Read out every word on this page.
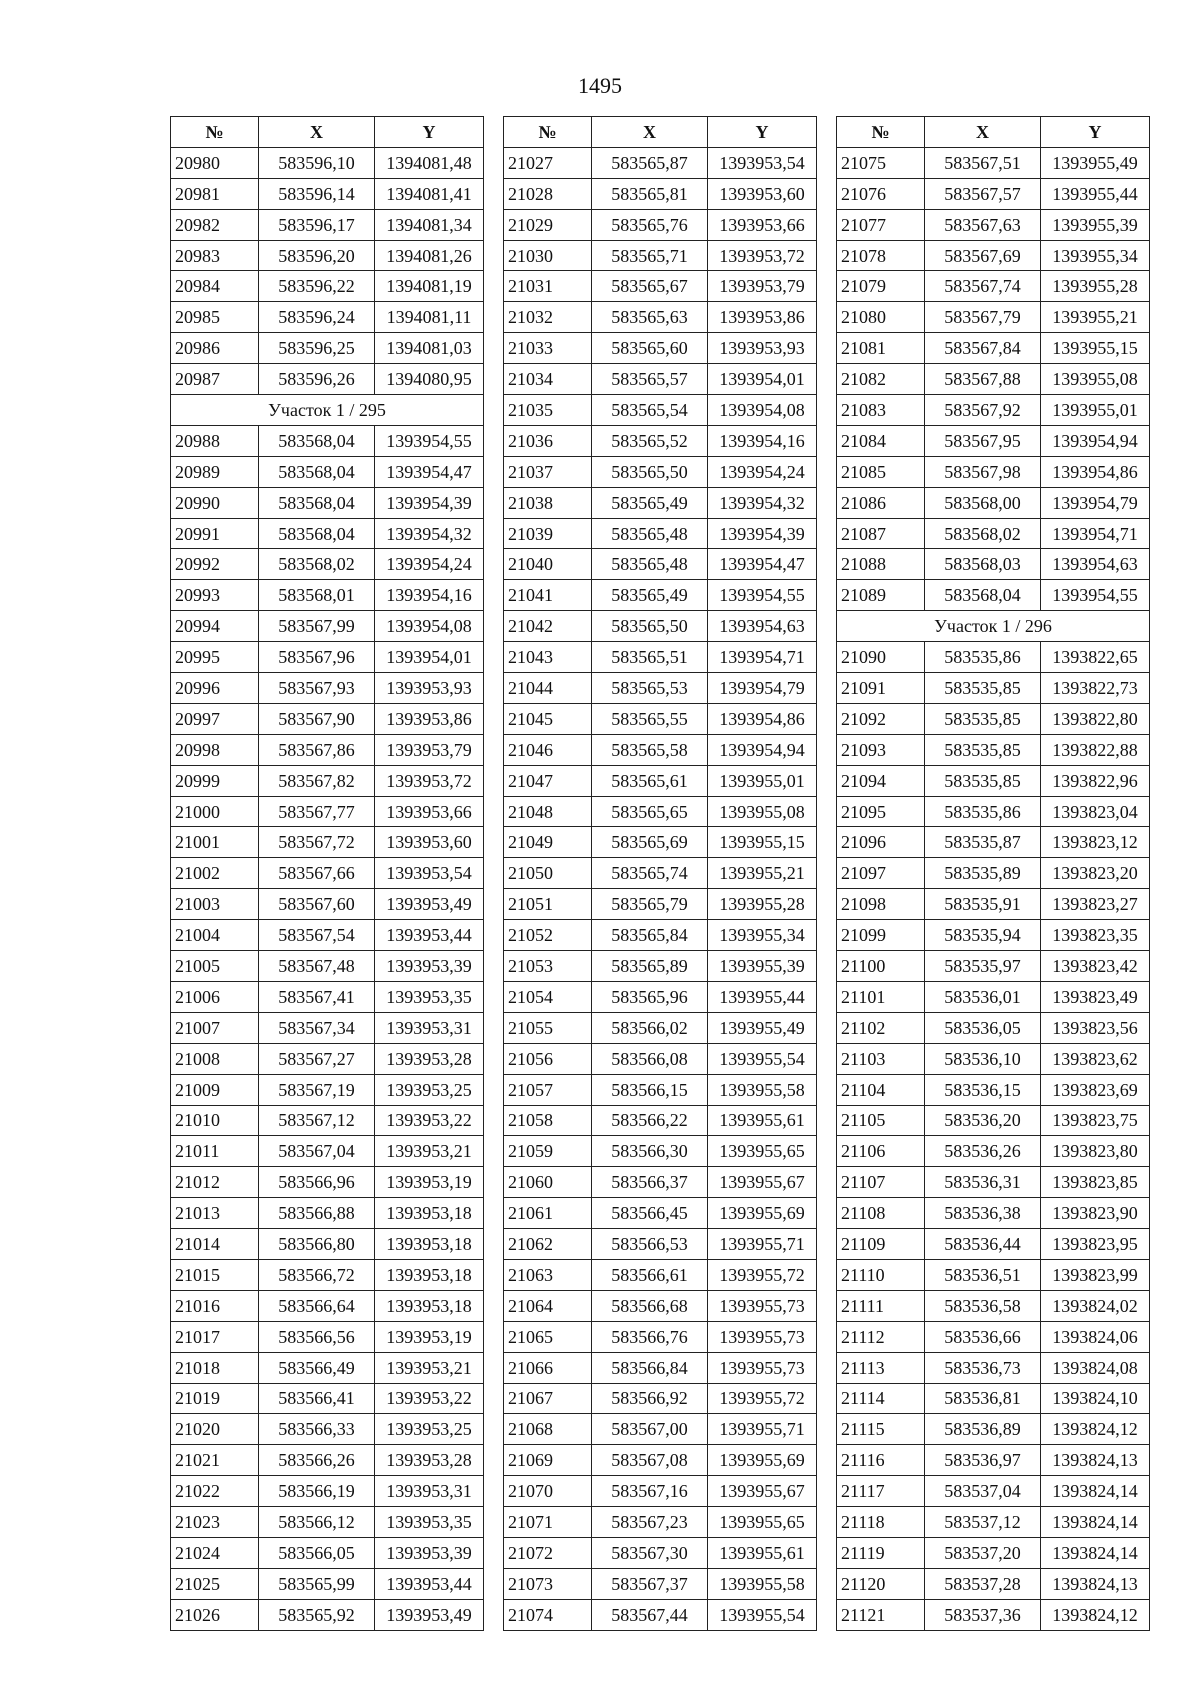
1495
№	X	Y
20980	583596,10	1394081,48
20981	583596,14	1394081,41
20982	583596,17	1394081,34
20983	583596,20	1394081,26
20984	583596,22	1394081,19
20985	583596,24	1394081,11
20986	583596,25	1394081,03
20987	583596,26	1394080,95
Участок 1 / 295		
20988	583568,04	1393954,55
20989	583568,04	1393954,47
20990	583568,04	1393954,39
20991	583568,04	1393954,32
20992	583568,02	1393954,24
20993	583568,01	1393954,16
20994	583567,99	1393954,08
20995	583567,96	1393954,01
20996	583567,93	1393953,93
20997	583567,90	1393953,86
20998	583567,86	1393953,79
20999	583567,82	1393953,72
21000	583567,77	1393953,66
21001	583567,72	1393953,60
21002	583567,66	1393953,54
21003	583567,60	1393953,49
21004	583567,54	1393953,44
21005	583567,48	1393953,39
21006	583567,41	1393953,35
21007	583567,34	1393953,31
21008	583567,27	1393953,28
21009	583567,19	1393953,25
21010	583567,12	1393953,22
21011	583567,04	1393953,21
21012	583566,96	1393953,19
21013	583566,88	1393953,18
21014	583566,80	1393953,18
21015	583566,72	1393953,18
21016	583566,64	1393953,18
21017	583566,56	1393953,19
21018	583566,49	1393953,21
21019	583566,41	1393953,22
21020	583566,33	1393953,25
21021	583566,26	1393953,28
21022	583566,19	1393953,31
21023	583566,12	1393953,35
21024	583566,05	1393953,39
21025	583565,99	1393953,44
21026	583565,92	1393953,49
№	X	Y
21027	583565,87	1393953,54
21028	583565,81	1393953,60
21029	583565,76	1393953,66
21030	583565,71	1393953,72
21031	583565,67	1393953,79
21032	583565,63	1393953,86
21033	583565,60	1393953,93
21034	583565,57	1393954,01
21035	583565,54	1393954,08
21036	583565,52	1393954,16
21037	583565,50	1393954,24
21038	583565,49	1393954,32
21039	583565,48	1393954,39
21040	583565,48	1393954,47
21041	583565,49	1393954,55
21042	583565,50	1393954,63
21043	583565,51	1393954,71
21044	583565,53	1393954,79
21045	583565,55	1393954,86
21046	583565,58	1393954,94
21047	583565,61	1393955,01
21048	583565,65	1393955,08
21049	583565,69	1393955,15
21050	583565,74	1393955,21
21051	583565,79	1393955,28
21052	583565,84	1393955,34
21053	583565,89	1393955,39
21054	583565,96	1393955,44
21055	583566,02	1393955,49
21056	583566,08	1393955,54
21057	583566,15	1393955,58
21058	583566,22	1393955,61
21059	583566,30	1393955,65
21060	583566,37	1393955,67
21061	583566,45	1393955,69
21062	583566,53	1393955,71
21063	583566,61	1393955,72
21064	583566,68	1393955,73
21065	583566,76	1393955,73
21066	583566,84	1393955,73
21067	583566,92	1393955,72
21068	583567,00	1393955,71
21069	583567,08	1393955,69
21070	583567,16	1393955,67
21071	583567,23	1393955,65
21072	583567,30	1393955,61
21073	583567,37	1393955,58
21074	583567,44	1393955,54
№	X	Y
21075	583567,51	1393955,49
21076	583567,57	1393955,44
21077	583567,63	1393955,39
21078	583567,69	1393955,34
21079	583567,74	1393955,28
21080	583567,79	1393955,21
21081	583567,84	1393955,15
21082	583567,88	1393955,08
21083	583567,92	1393955,01
21084	583567,95	1393954,94
21085	583567,98	1393954,86
21086	583568,00	1393954,79
21087	583568,02	1393954,71
21088	583568,03	1393954,63
21089	583568,04	1393954,55
Участок 1 / 296		
21090	583535,86	1393822,65
21091	583535,85	1393822,73
21092	583535,85	1393822,80
21093	583535,85	1393822,88
21094	583535,85	1393822,96
21095	583535,86	1393823,04
21096	583535,87	1393823,12
21097	583535,89	1393823,20
21098	583535,91	1393823,27
21099	583535,94	1393823,35
21100	583535,97	1393823,42
21101	583536,01	1393823,49
21102	583536,05	1393823,56
21103	583536,10	1393823,62
21104	583536,15	1393823,69
21105	583536,20	1393823,75
21106	583536,26	1393823,80
21107	583536,31	1393823,85
21108	583536,38	1393823,90
21109	583536,44	1393823,95
21110	583536,51	1393823,99
21111	583536,58	1393824,02
21112	583536,66	1393824,06
21113	583536,73	1393824,08
21114	583536,81	1393824,10
21115	583536,89	1393824,12
21116	583536,97	1393824,13
21117	583537,04	1393824,14
21118	583537,12	1393824,14
21119	583537,20	1393824,14
21120	583537,28	1393824,13
21121	583537,36	1393824,12
